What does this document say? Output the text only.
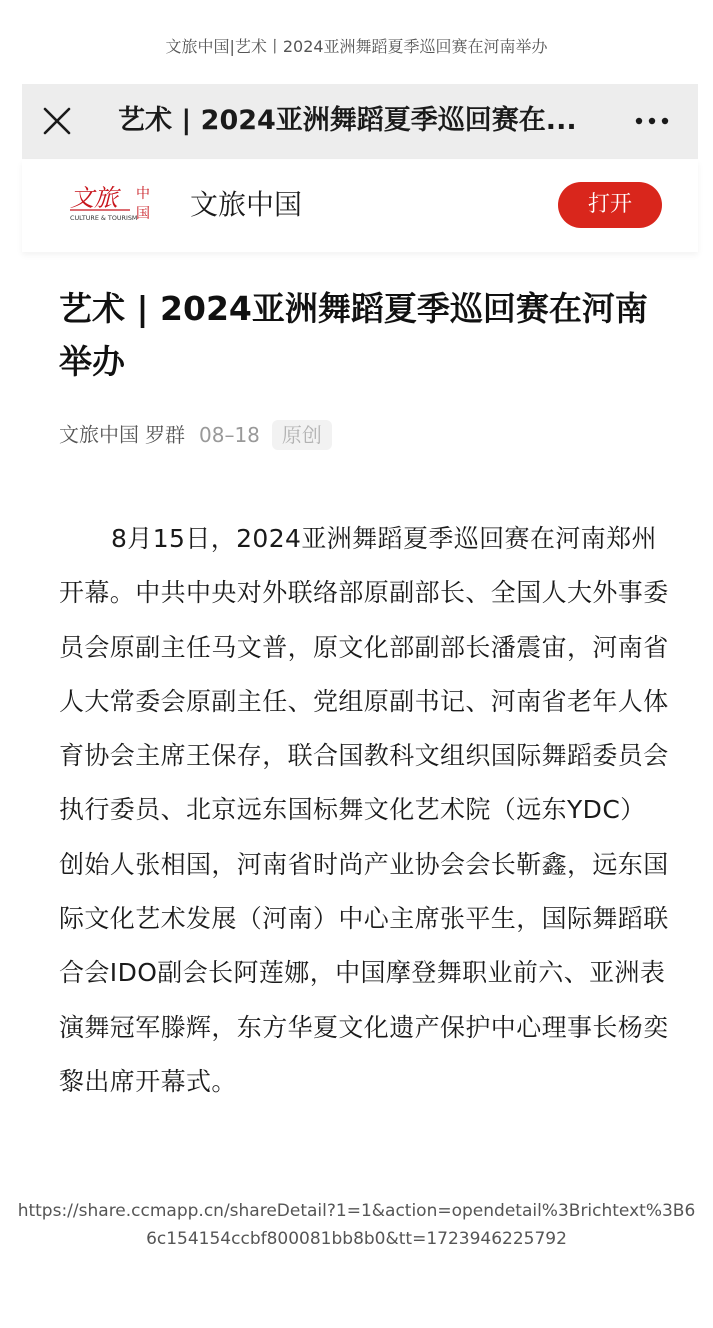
文旅中国|艺术丨2024亚洲舞蹈夏季巡回赛在河南举办
艺术 | 2024亚洲舞蹈夏季巡回赛在...
文旅 中
国
CULTURE & TOURISM 文旅中国	打开
艺术 | 2024亚洲舞蹈夏季巡回赛在河南举办
文旅中国 罗群 08–18 原创

8月15日，2024亚洲舞蹈夏季巡回赛在河南郑州开幕。中共中央对外联络部原副部长、全国人大外事委员会原副主任马文普，原文化部副部长潘震宙，河南省人大常委会原副主任、党组原副书记、河南省老年人体育协会主席王保存，联合国教科文组织国际舞蹈委员会执行委员、北京远东国标舞文化艺术院（远东YDC）创始人张相国，河南省时尚产业协会会长靳鑫，远东国际文化艺术发展（河南）中心主席张平生，国际舞蹈联合会IDO副会长阿莲娜，中国摩登舞职业前六、亚洲表演舞冠军滕辉，东方华夏文化遗产保护中心理事长杨奕黎出席开幕式。

https://share.ccmapp.cn/shareDetail?1=1&action=opendetail%3Brichtext%3B66c154154ccbf800081bb8b0&tt=1723946225792
